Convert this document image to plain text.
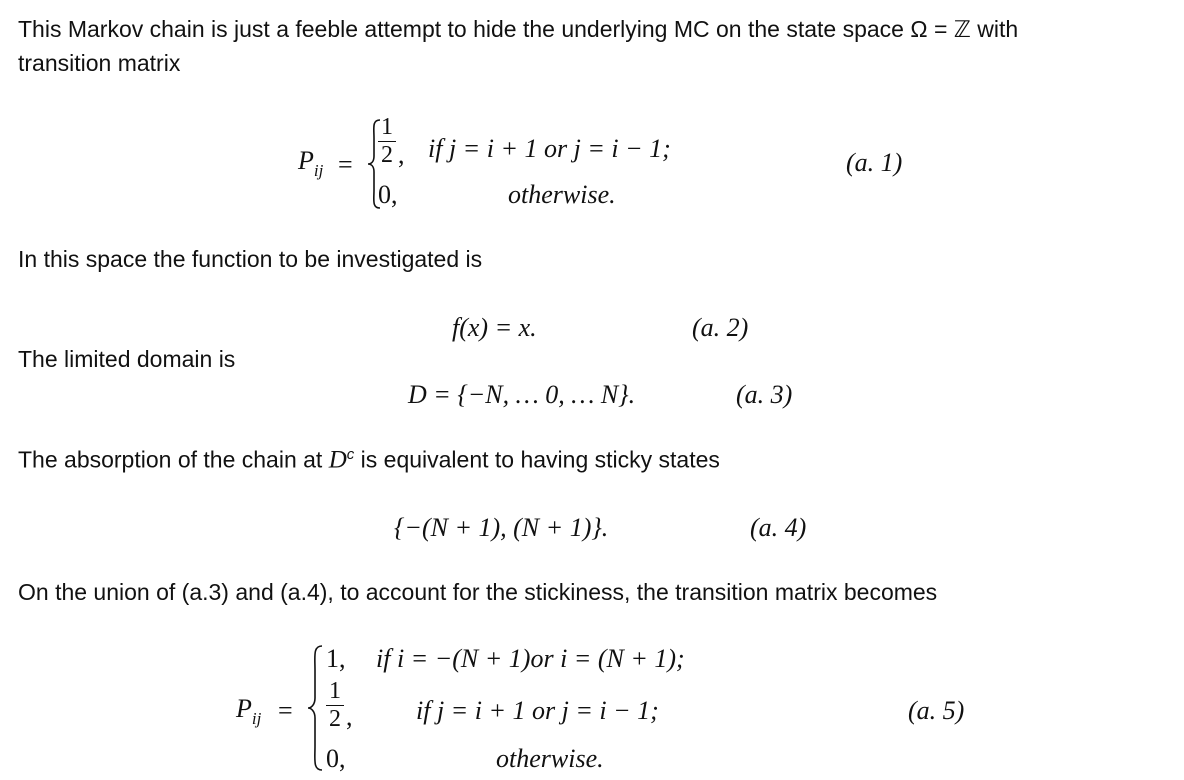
This Markov chain is just a feeble attempt to hide the underlying MC on the state space Ω = ℤ with
transition matrix
$P_{ij}$ =
1
2 , if j = i + 1 or j = i − 1;
0,	otherwise.
(a. 1)
In this space the function to be investigated is
f(x) = x.	(a. 2)
The limited domain is
D = {−N, … 0, … N}.	(a. 3)
The absorption of the chain at $D^c$ is equivalent to having sticky states
{−(N + 1), (N + 1)}.	(a. 4)
On the union of (a.3) and (a.4), to account for the stickiness, the transition matrix becomes
$P_{ij}$ =
1, if i = −(N + 1)or i = (N + 1);
1
2 , if j = i + 1 or j = i − 1;
0,	otherwise.
(a. 5)
